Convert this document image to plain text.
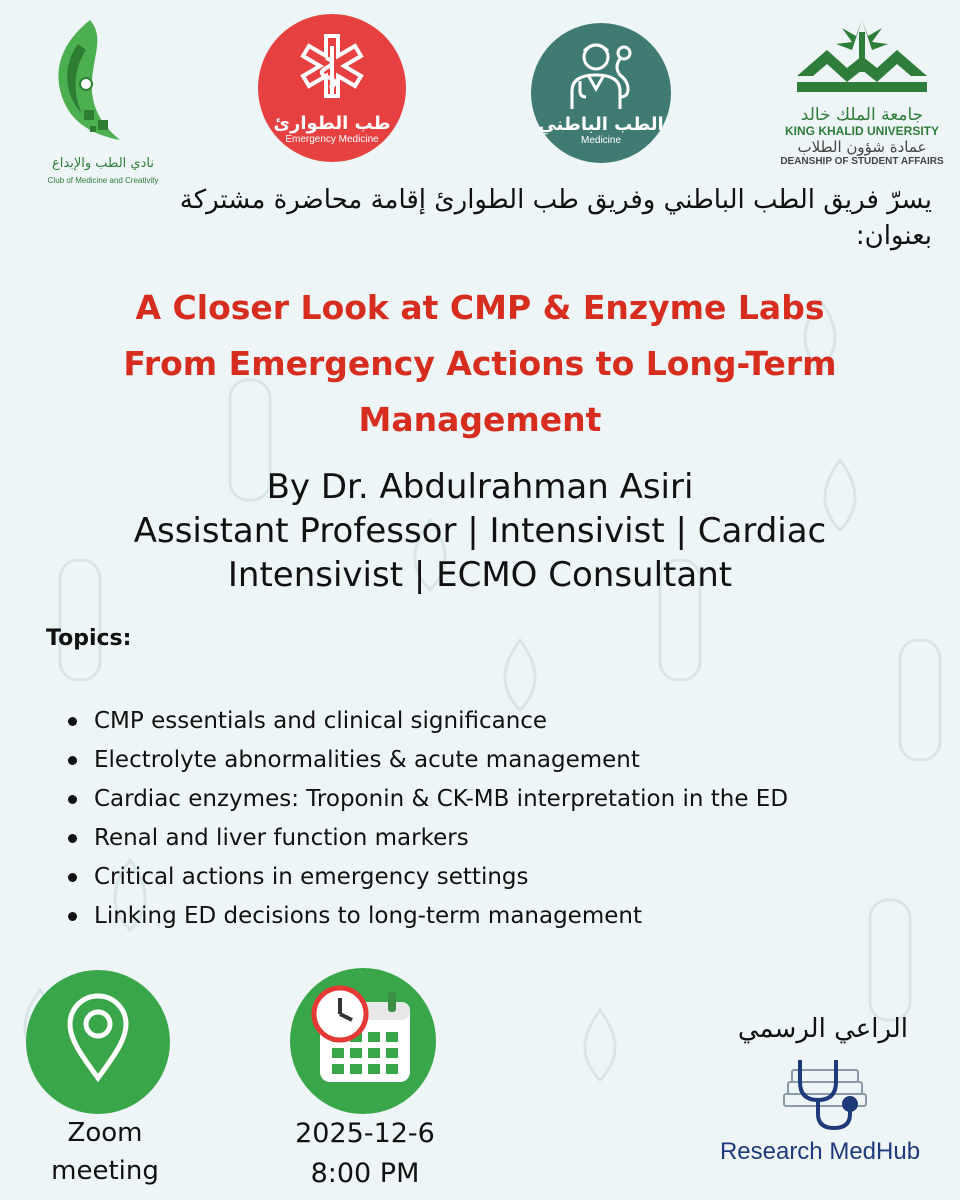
نادي الطب والإبداع
Club of Medicine and Creativity
طب الطوارئ
Emergency Medicine
الطب الباطني
Medicine
جامعة الملك خالد
KING KHALID UNIVERSITY
عمادة شؤون الطلاب
DEANSHIP OF STUDENT AFFAIRS
يسرّ فريق الطب الباطني وفريق طب الطوارئ إقامة محاضرة مشتركة
بعنوان:
A Closer Look at CMP & Enzyme Labs
From Emergency Actions to Long-Term
Management
By Dr. Abdulrahman Asiri
Assistant Professor | Intensivist | Cardiac
Intensivist | ECMO Consultant
Topics:
CMP essentials and clinical significance
Electrolyte abnormalities & acute management
Cardiac enzymes: Troponin & CK-MB interpretation in the ED
Renal and liver function markers
Critical actions in emergency settings
Linking ED decisions to long-term management
Zoom
meeting
2025-12-6
8:00 PM
الراعي الرسمي
Research MedHub
